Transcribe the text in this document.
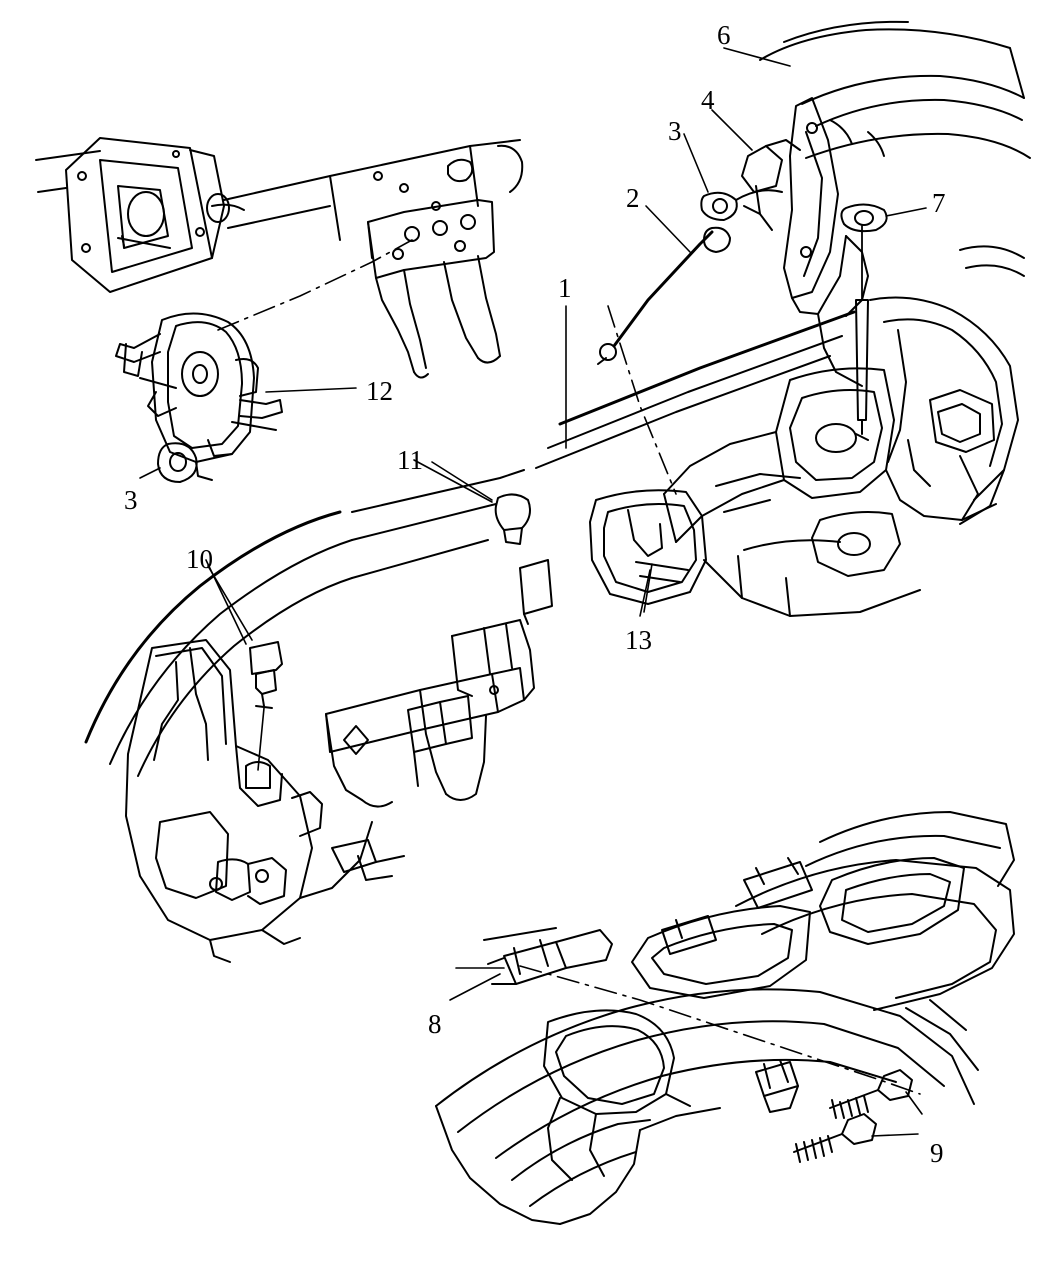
1
2
3
4
6
7
12
3
11
13
10
8
9
